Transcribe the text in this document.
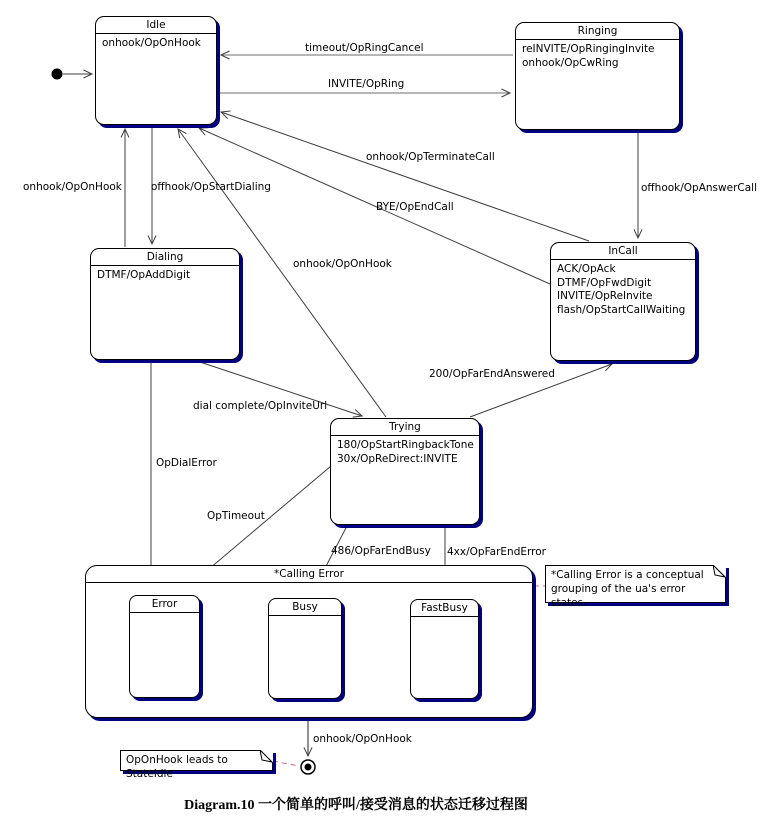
Idle
onhook/OpOnHook
Ringing
reINVITE/OpRingingInvite
onhook/OpCwRing
Dialing
DTMF/OpAddDigit
InCall
ACK/OpAck
DTMF/OpFwdDigit
INVITE/OpReInvite
flash/OpStartCallWaiting
Trying
180/OpStartRingbackTone
30x/OpReDirect:INVITE
*Calling Error
Error	Busy	FastBusy
timeout/OpRingCancel
INVITE/OpRing
onhook/OpOnHook	offhook/OpStartDialing
onhook/OpTerminateCall
BYE/OpEndCall
offhook/OpAnswerCall
onhook/OpOnHook
200/OpFarEndAnswered
dial complete/OpInviteUrl
OpDialError
OpTimeout
486/OpFarEndBusy 4xx/OpFarEndError
onhook/OpOnHook
*Calling Error is a conceptual grouping of the ua's error states.
OpOnHook leads to StateIdle
Diagram.10 一个简单的呼叫/接受消息的状态迁移过程图
